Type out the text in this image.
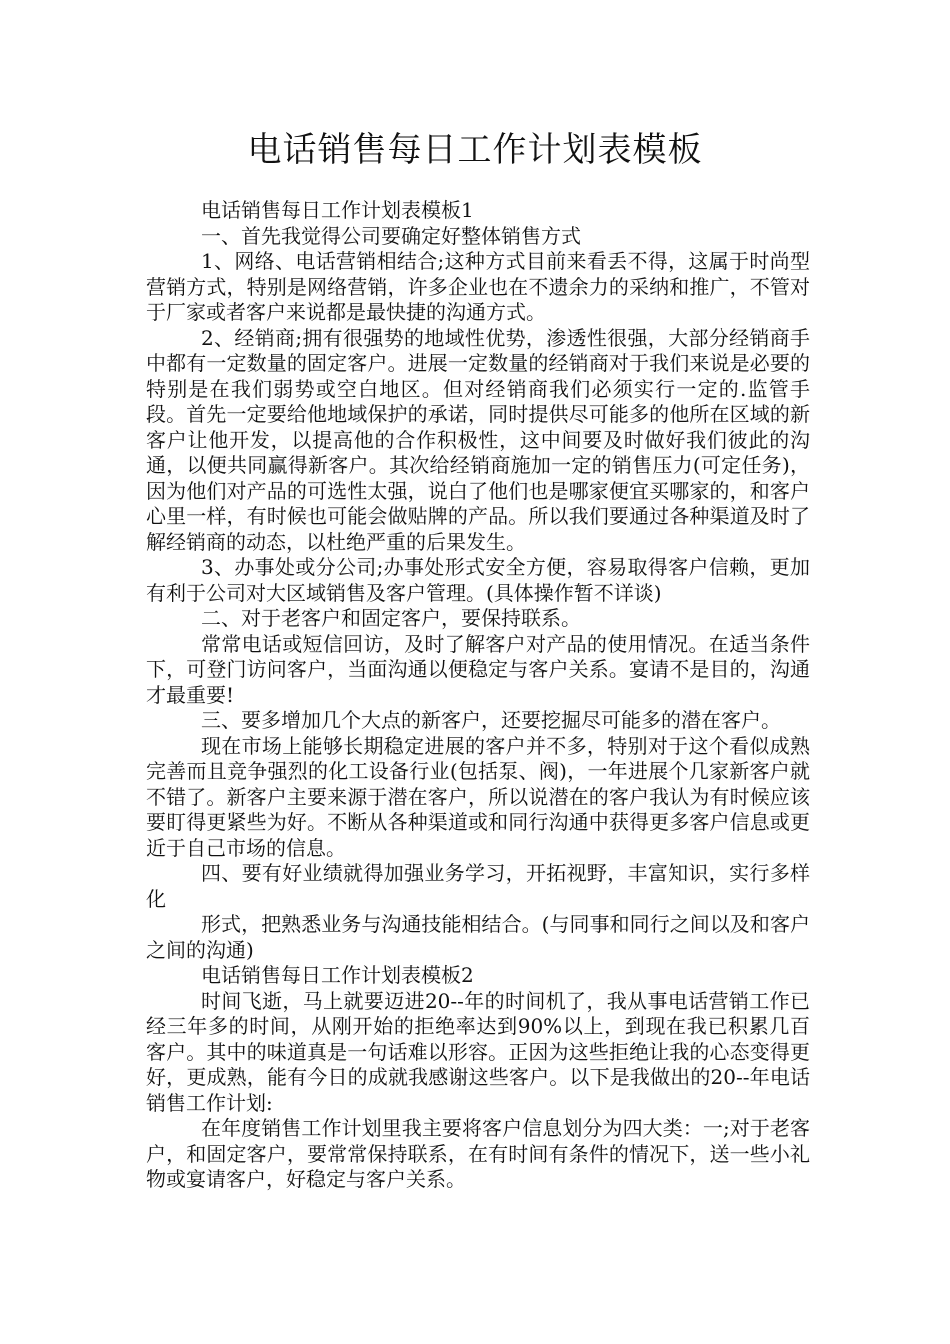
电话销售每日工作计划表模板

电话销售每日工作计划表模板1

一、首先我觉得公司要确定好整体销售方式

1、网络、电话营销相结合;这种方式目前来看丢不得，这属于时尚型营销方式，特别是网络营销，许多企业也在不遗余力的采纳和推广，不管对于厂家或者客户来说都是最快捷的沟通方式。

2、经销商;拥有很强势的地域性优势，渗透性很强，大部分经销商手中都有一定数量的固定客户。进展一定数量的经销商对于我们来说是必要的特别是在我们弱势或空白地区。但对经销商我们必须实行一定的.监管手段。首先一定要给他地域保护的承诺，同时提供尽可能多的他所在区域的新客户让他开发，以提高他的合作积极性，这中间要及时做好我们彼此的沟通，以便共同赢得新客户。其次给经销商施加一定的销售压力(可定任务)，因为他们对产品的可选性太强，说白了他们也是哪家便宜买哪家的，和客户心里一样，有时候也可能会做贴牌的产品。所以我们要通过各种渠道及时了解经销商的动态，以杜绝严重的后果发生。

3、办事处或分公司;办事处形式安全方便，容易取得客户信赖，更加有利于公司对大区域销售及客户管理。(具体操作暂不详谈)

二、对于老客户和固定客户，要保持联系。

常常电话或短信回访，及时了解客户对产品的使用情况。在适当条件下，可登门访问客户，当面沟通以便稳定与客户关系。宴请不是目的，沟通才最重要!

三、要多增加几个大点的新客户，还要挖掘尽可能多的潜在客户。

现在市场上能够长期稳定进展的客户并不多，特别对于这个看似成熟完善而且竞争强烈的化工设备行业(包括泵、阀)，一年进展个几家新客户就不错了。新客户主要来源于潜在客户，所以说潜在的客户我认为有时候应该要盯得更紧些为好。不断从各种渠道或和同行沟通中获得更多客户信息或更近于自己市场的信息。

四、要有好业绩就得加强业务学习，开拓视野，丰富知识，实行多样化

形式，把熟悉业务与沟通技能相结合。(与同事和同行之间以及和客户之间的沟通)

电话销售每日工作计划表模板2

时间飞逝，马上就要迈进20--年的时间机了，我从事电话营销工作已经三年多的时间，从刚开始的拒绝率达到90%以上，到现在我已积累几百客户。其中的味道真是一句话难以形容。正因为这些拒绝让我的心态变得更好，更成熟，能有今日的成就我感谢这些客户。以下是我做出的20--年电话销售工作计划:

在年度销售工作计划里我主要将客户信息划分为四大类：一;对于老客户，和固定客户，要常常保持联系，在有时间有条件的情况下，送一些小礼物或宴请客户，好稳定与客户关系。
